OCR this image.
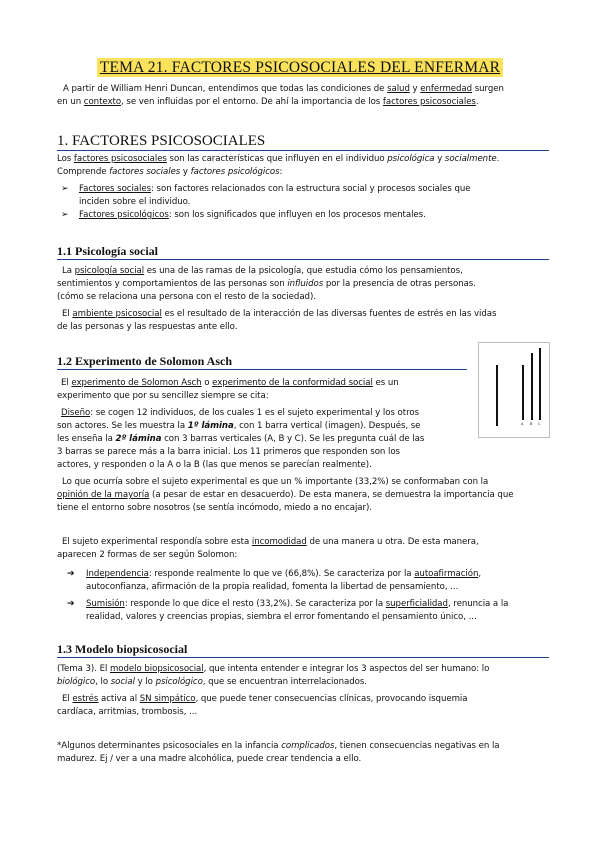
TEMA 21. FACTORES PSICOSOCIALES DEL ENFERMAR
A partir de William Henri Duncan, entendimos que todas las condiciones de salud y enfermedad surgen
en un contexto, se ven influidas por el entorno. De ahí la importancia de los factores psicosociales.
1. FACTORES PSICOSOCIALES
Los factores psicosociales son las características que influyen en el individuo psicológica y socialmente.
Comprende factores sociales y factores psicológicos:
➢ Factores sociales: son factores relacionados con la estructura social y procesos sociales que
inciden sobre el individuo.
➢ Factores psicológicos: son los significados que influyen en los procesos mentales.
1.1 Psicología social
La psicología social es una de las ramas de la psicología, que estudia cómo los pensamientos,
sentimientos y comportamientos de las personas son influidos por la presencia de otras personas.
(cómo se relaciona una persona con el resto de la sociedad).
El ambiente psicosocial es el resultado de la interacción de las diversas fuentes de estrés en las vidas
de las personas y las respuestas ante ello.
1.2 Experimento de Solomon Asch
A B C
El experimento de Solomon Asch o experimento de la conformidad social es un
experimento que por su sencillez siempre se cita:
Diseño: se cogen 12 individuos, de los cuales 1 es el sujeto experimental y los otros
son actores. Se les muestra la 1º lámina, con 1 barra vertical (imagen). Después, se
les enseña la 2º lámina con 3 barras verticales (A, B y C). Se les pregunta cuál de las
3 barras se parece más a la barra inicial. Los 11 primeros que responden son los
actores, y responden o la A o la B (las que menos se parecían realmente).
Lo que ocurría sobre el sujeto experimental es que un % importante (33,2%) se conformaban con la
opinión de la mayoría (a pesar de estar en desacuerdo). De esta manera, se demuestra la importancia que
tiene el entorno sobre nosotros (se sentía incómodo, miedo a no encajar).
El sujeto experimental respondía sobre esta incomodidad de una manera u otra. De esta manera,
aparecen 2 formas de ser según Solomon:
➔ Independencia: responde realmente lo que ve (66,8%). Se caracteriza por la autoafirmación,
autoconfianza, afirmación de la propia realidad, fomenta la libertad de pensamiento, ...
➔ Sumisión: responde lo que dice el resto (33,2%). Se caracteriza por la superficialidad, renuncia a la
realidad, valores y creencias propias, siembra el error fomentando el pensamiento único, ...
1.3 Modelo biopsicosocial
(Tema 3). El modelo biopsicosocial, que intenta entender e integrar los 3 aspectos del ser humano: lo
biológico, lo social y lo psicológico, que se encuentran interrelacionados.
El estrés activa al SN simpático, que puede tener consecuencias clínicas, provocando isquemia
cardíaca, arritmias, trombosis, ...
*Algunos determinantes psicosociales en la infancia complicados, tienen consecuencias negativas en la
madurez. Ej / ver a una madre alcohólica, puede crear tendencia a ello.
